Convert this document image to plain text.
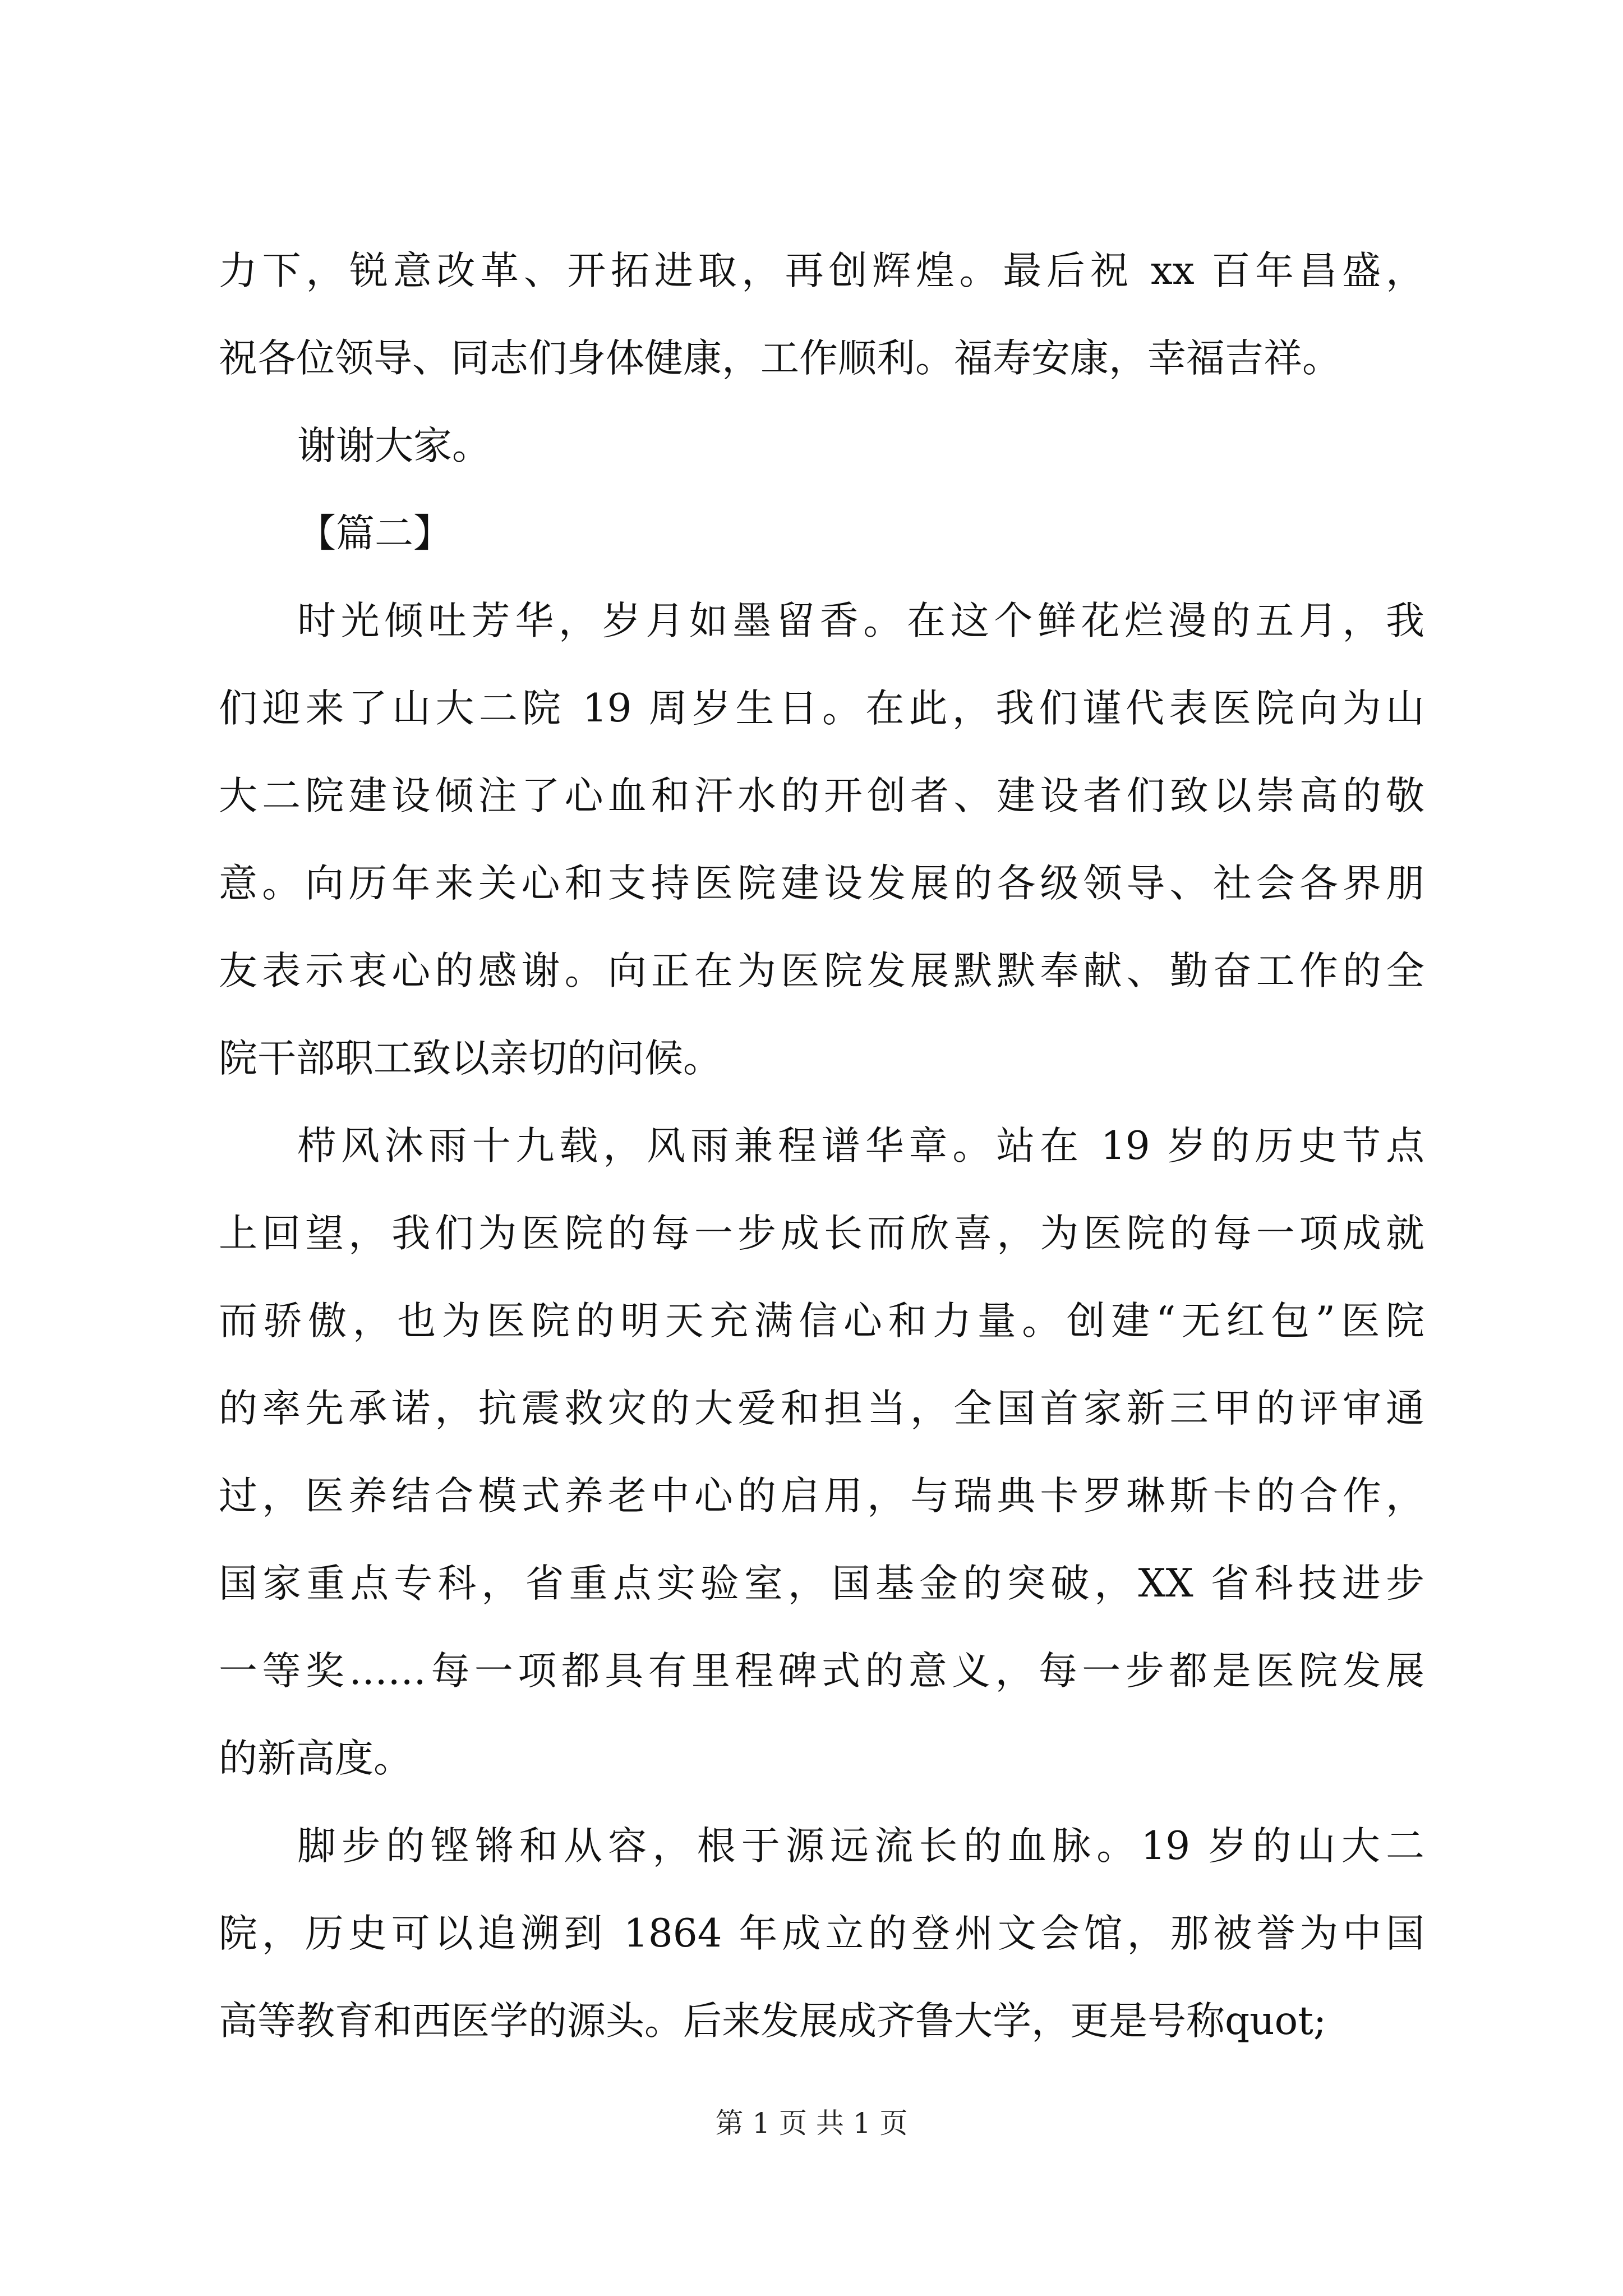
力下，锐意改革、开拓进取，再创辉煌。最后祝 xx 百年昌盛，
祝各位领导、同志们身体健康，工作顺利。福寿安康，幸福吉祥。
谢谢大家。
【篇二】
时光倾吐芳华，岁月如墨留香。在这个鲜花烂漫的五月，我
们迎来了山大二院 19 周岁生日。在此，我们谨代表医院向为山
大二院建设倾注了心血和汗水的开创者、建设者们致以崇高的敬
意。向历年来关心和支持医院建设发展的各级领导、社会各界朋
友表示衷心的感谢。向正在为医院发展默默奉献、勤奋工作的全
院干部职工致以亲切的问候。
栉风沐雨十九载，风雨兼程谱华章。站在 19 岁的历史节点
上回望，我们为医院的每一步成长而欣喜，为医院的每一项成就
而骄傲，也为医院的明天充满信心和力量。创建“无红包”医院
的率先承诺，抗震救灾的大爱和担当，全国首家新三甲的评审通
过，医养结合模式养老中心的启用，与瑞典卡罗琳斯卡的合作，
国家重点专科，省重点实验室，国基金的突破，XX 省科技进步
一等奖……每一项都具有里程碑式的意义，每一步都是医院发展
的新高度。
脚步的铿锵和从容，根于源远流长的血脉。19 岁的山大二
院，历史可以追溯到 1864 年成立的登州文会馆，那被誉为中国
高等教育和西医学的源头。后来发展成齐鲁大学，更是号称quot;
第 1 页 共 1 页
